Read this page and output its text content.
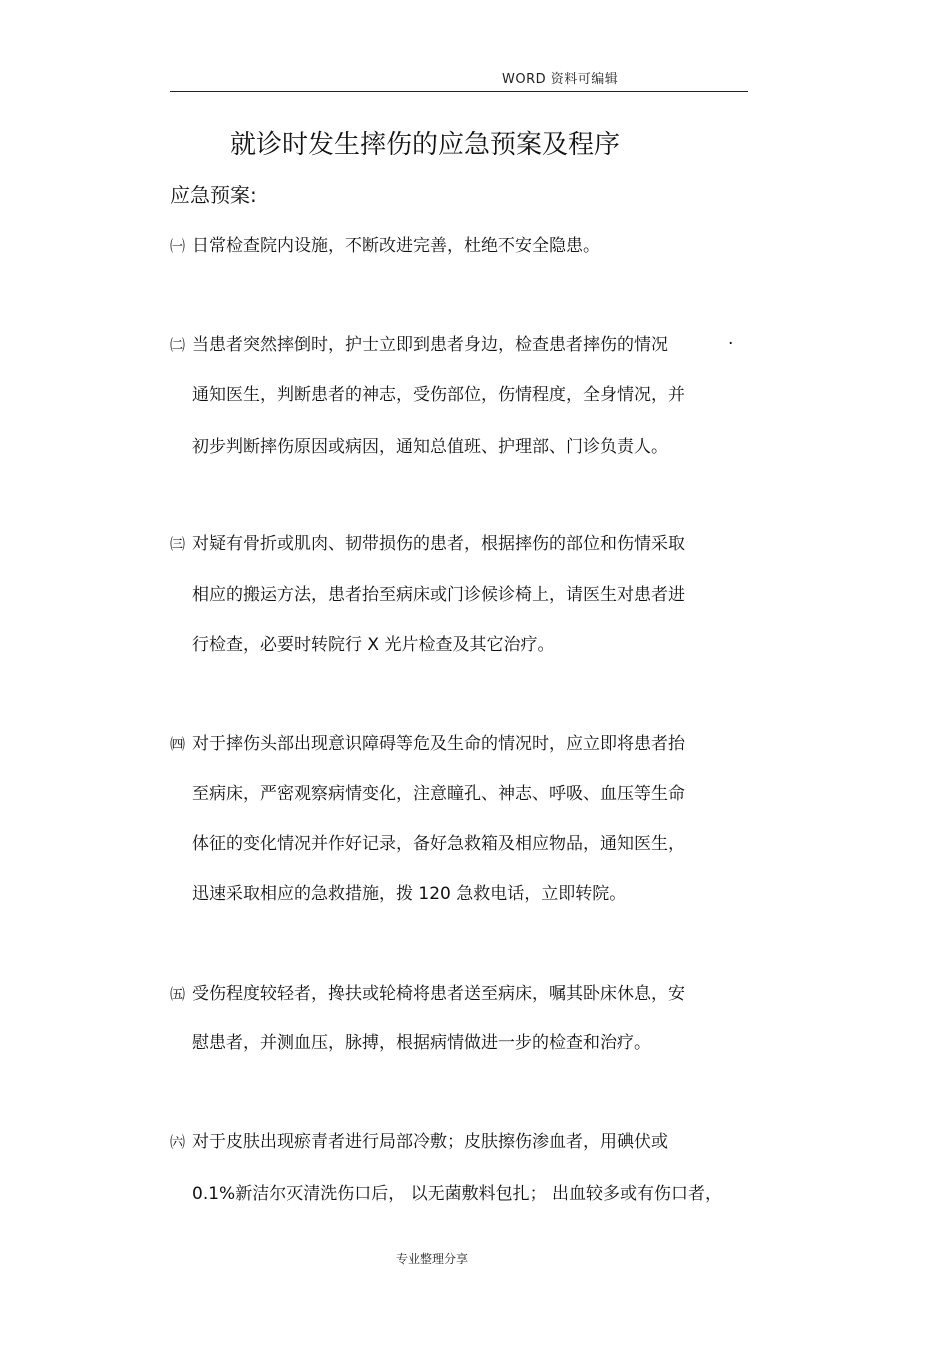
WORD 资料可编辑
就诊时发生摔伤的应急预案及程序
应急预案:
㈠ 日常检查院内设施，不断改进完善，杜绝不安全隐患。
㈡ 当患者突然摔倒时，护士立即到患者身边，检查患者摔伤的情况	.
通知医生，判断患者的神志，受伤部位，伤情程度，全身情况，并
初步判断摔伤原因或病因，通知总值班、护理部、门诊负责人。
㈢ 对疑有骨折或肌肉、韧带损伤的患者，根据摔伤的部位和伤情采取
相应的搬运方法，患者抬至病床或门诊候诊椅上，请医生对患者进
行检查，必要时转院行 X 光片检查及其它治疗。
㈣ 对于摔伤头部出现意识障碍等危及生命的情况时，应立即将患者抬
至病床，严密观察病情变化，注意瞳孔、神志、呼吸、血压等生命
体征的变化情况并作好记录，备好急救箱及相应物品，通知医生，
迅速采取相应的急救措施，拨 120 急救电话，立即转院。
㈤ 受伤程度较轻者，搀扶或轮椅将患者送至病床，嘱其卧床休息，安
慰患者，并测血压，脉搏，根据病情做进一步的检查和治疗。
㈥ 对于皮肤出现瘀青者进行局部冷敷；皮肤擦伤渗血者，用碘伏或
0.1%新洁尔灭清洗伤口后， 以无菌敷料包扎； 出血较多或有伤口者，
专业整理分享
